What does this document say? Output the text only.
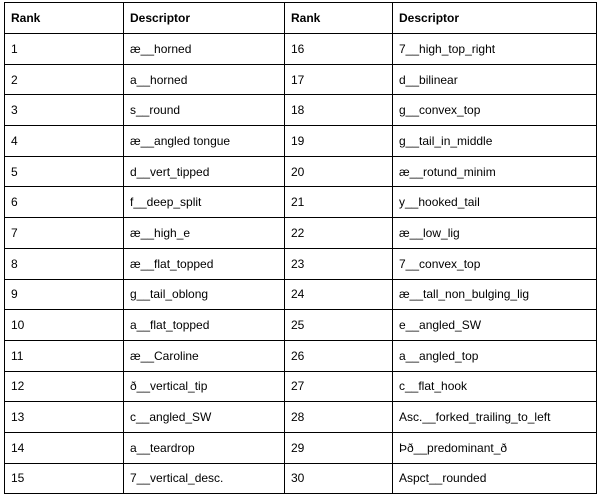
Rank	Descriptor	Rank	Descriptor
1	æ__horned	16	7__high_top_right
2	a__horned	17	d__bilinear
3	s__round	18	g__convex_top
4	æ__angled tongue	19	g__tail_in_middle
5	d__vert_tipped	20	æ__rotund_minim
6	f__deep_split	21	y__hooked_tail
7	æ__high_e	22	æ__low_lig
8	æ__flat_topped	23	7__convex_top
9	g__tail_oblong	24	æ__tall_non_bulging_lig
10	a__flat_topped	25	e__angled_SW
11	æ__Caroline	26	a__angled_top
12	ð__vertical_tip	27	c__flat_hook
13	c__angled_SW	28	Asc.__forked_trailing_to_left
14	a__teardrop	29	Þð__predominant_ð
15	7__vertical_desc.	30	Aspct__rounded
